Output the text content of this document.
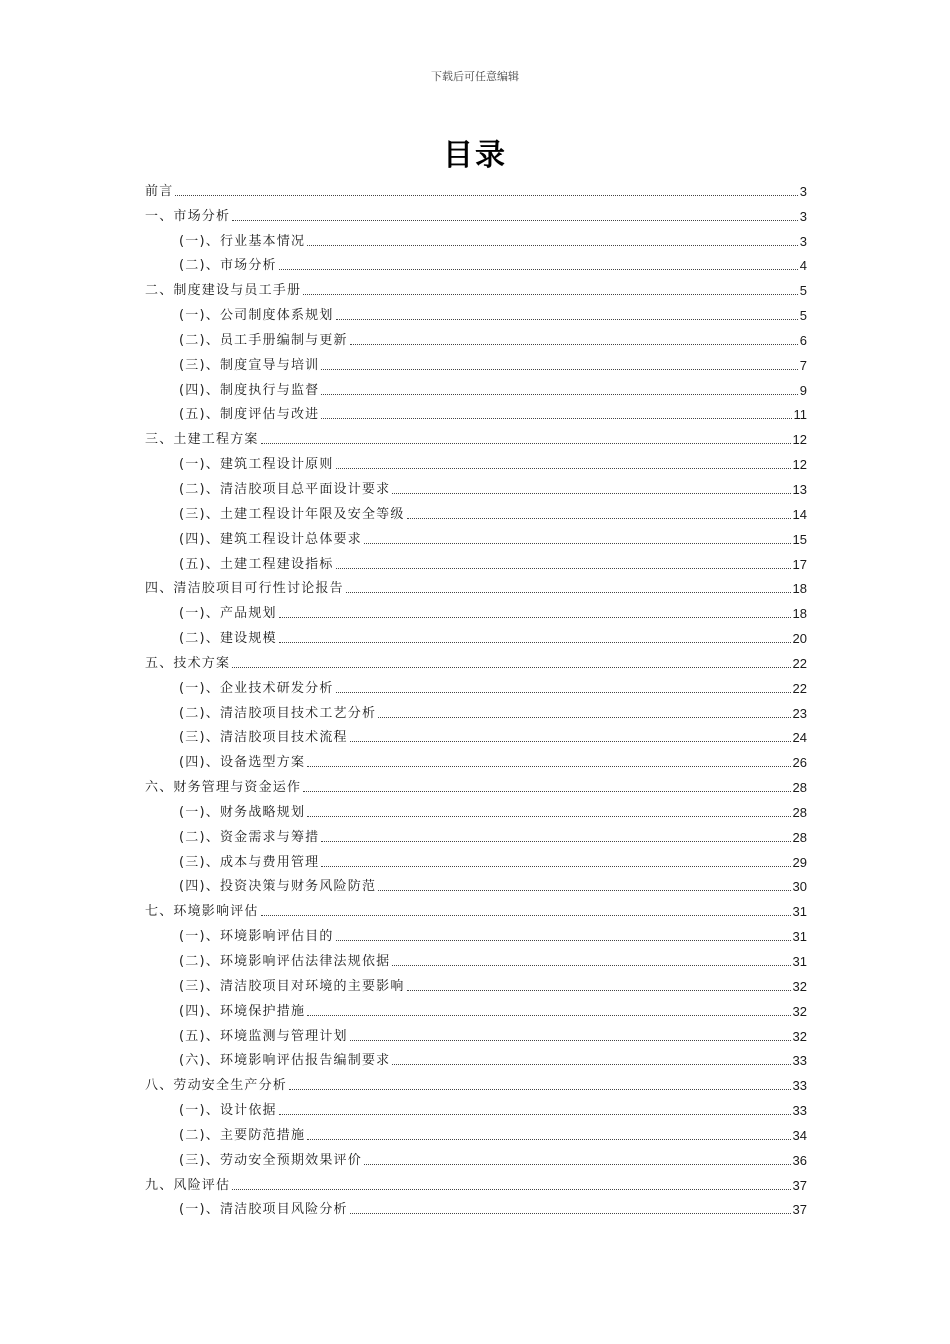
下载后可任意编辑
目录
前言	3
一、市场分析	3
(一)、行业基本情况	3
(二)、市场分析	4
二、制度建设与员工手册	5
(一)、公司制度体系规划	5
(二)、员工手册编制与更新	6
(三)、制度宣导与培训	7
(四)、制度执行与监督	9
(五)、制度评估与改进	11
三、土建工程方案	12
(一)、建筑工程设计原则	12
(二)、清洁胶项目总平面设计要求	13
(三)、土建工程设计年限及安全等级	14
(四)、建筑工程设计总体要求	15
(五)、土建工程建设指标	17
四、清洁胶项目可行性讨论报告	18
(一)、产品规划	18
(二)、建设规模	20
五、技术方案	22
(一)、企业技术研发分析	22
(二)、清洁胶项目技术工艺分析	23
(三)、清洁胶项目技术流程	24
(四)、设备选型方案	26
六、财务管理与资金运作	28
(一)、财务战略规划	28
(二)、资金需求与筹措	28
(三)、成本与费用管理	29
(四)、投资决策与财务风险防范	30
七、环境影响评估	31
(一)、环境影响评估目的	31
(二)、环境影响评估法律法规依据	31
(三)、清洁胶项目对环境的主要影响	32
(四)、环境保护措施	32
(五)、环境监测与管理计划	32
(六)、环境影响评估报告编制要求	33
八、劳动安全生产分析	33
(一)、设计依据	33
(二)、主要防范措施	34
(三)、劳动安全预期效果评价	36
九、风险评估	37
(一)、清洁胶项目风险分析	37
